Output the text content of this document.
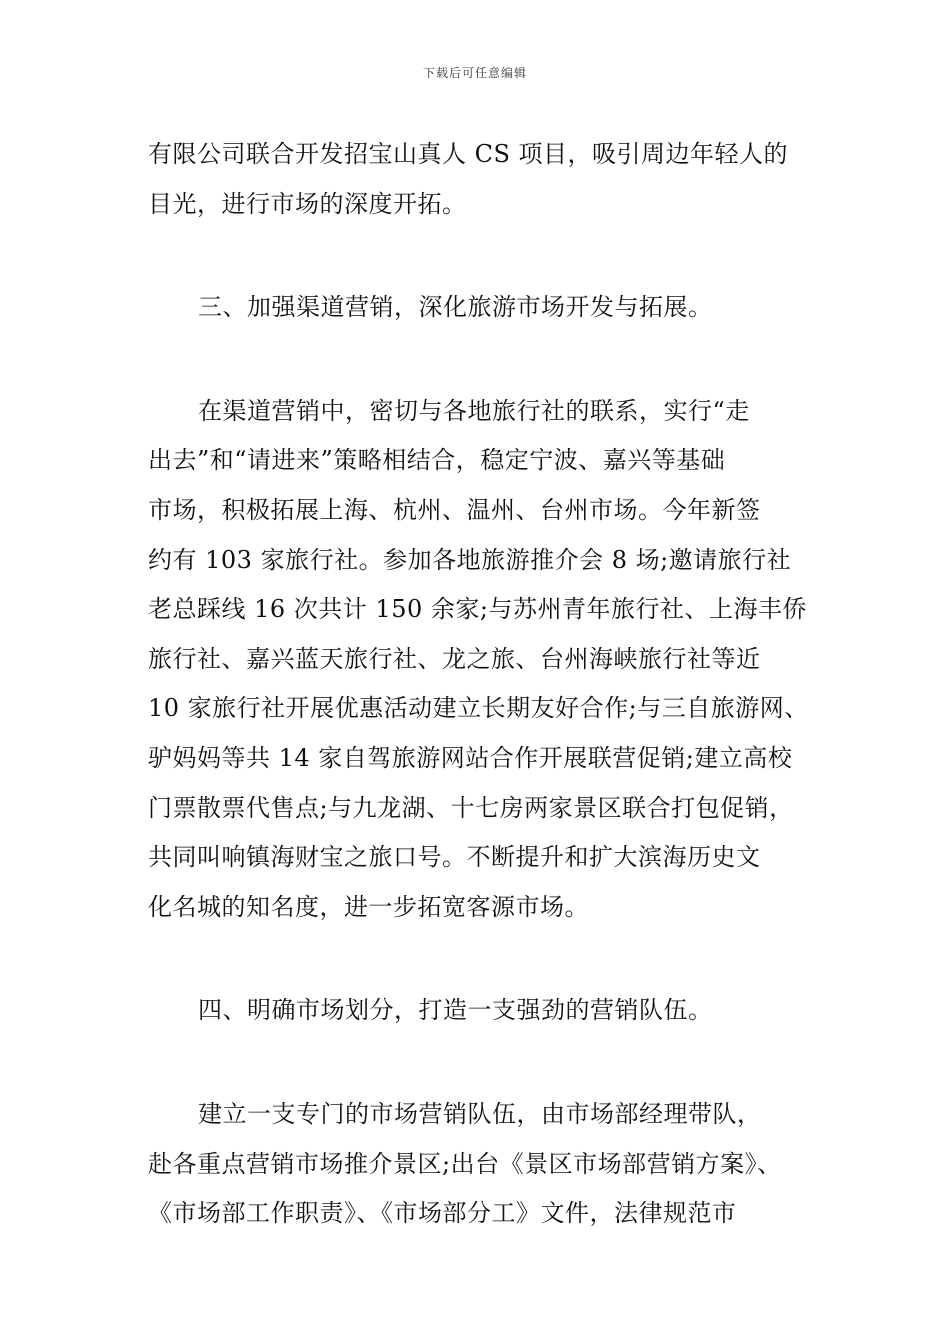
下载后可任意编辑
有限公司联合开发招宝山真人 CS 项目，吸引周边年轻人的
目光，进行市场的深度开拓。
三、加强渠道营销，深化旅游市场开发与拓展。
在渠道营销中，密切与各地旅行社的联系，实行“走
出去”和“请进来”策略相结合，稳定宁波、嘉兴等基础
市场，积极拓展上海、杭州、温州、台州市场。今年新签
约有 103 家旅行社。参加各地旅游推介会 8 场;邀请旅行社
老总踩线 16 次共计 150 余家;与苏州青年旅行社、上海丰侨
旅行社、嘉兴蓝天旅行社、龙之旅、台州海峡旅行社等近
10 家旅行社开展优惠活动建立长期友好合作;与三自旅游网、
驴妈妈等共 14 家自驾旅游网站合作开展联营促销;建立高校
门票散票代售点;与九龙湖、十七房两家景区联合打包促销，
共同叫响镇海财宝之旅口号。不断提升和扩大滨海历史文
化名城的知名度，进一步拓宽客源市场。
四、明确市场划分，打造一支强劲的营销队伍。
建立一支专门的市场营销队伍，由市场部经理带队，
赴各重点营销市场推介景区;出台《景区市场部营销方案》、
《市场部工作职责》、《市场部分工》文件，法律规范市
